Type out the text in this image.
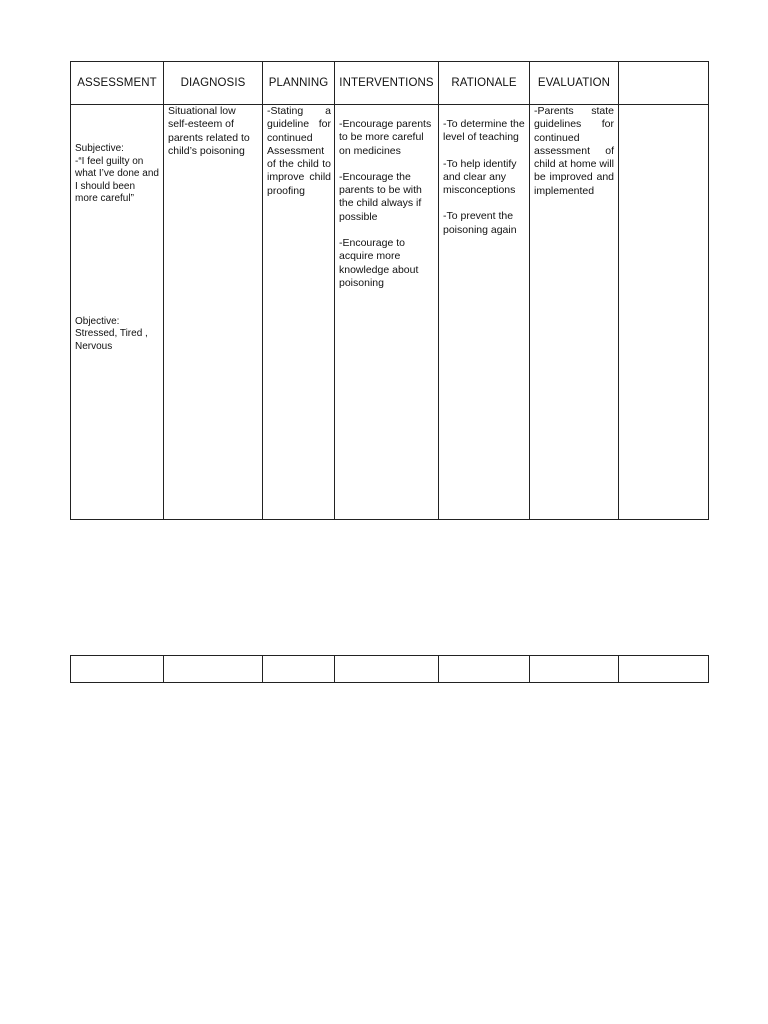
ASSESSMENT	DIAGNOSIS	PLANNING	INTERVENTIONS	RATIONALE	EVALUATION	

Subjective:
-“I feel guilty on what I’ve done and I should been more careful”
Objective:
Stressed, Tired , Nervous	Situational low self-esteem of parents related to child’s poisoning	-Stating a guideline for continued Assessment of the child to improve child proofing	-Encourage parents to be more careful on medicines
-Encourage the parents to be with the child always if possible
-Encourage to acquire more knowledge about poisoning	-To determine the level of teaching
-To help identify and clear any misconceptions
-To prevent the poisoning again	-Parents state guidelines for continued assessment of child at home will be improved and implemented	
